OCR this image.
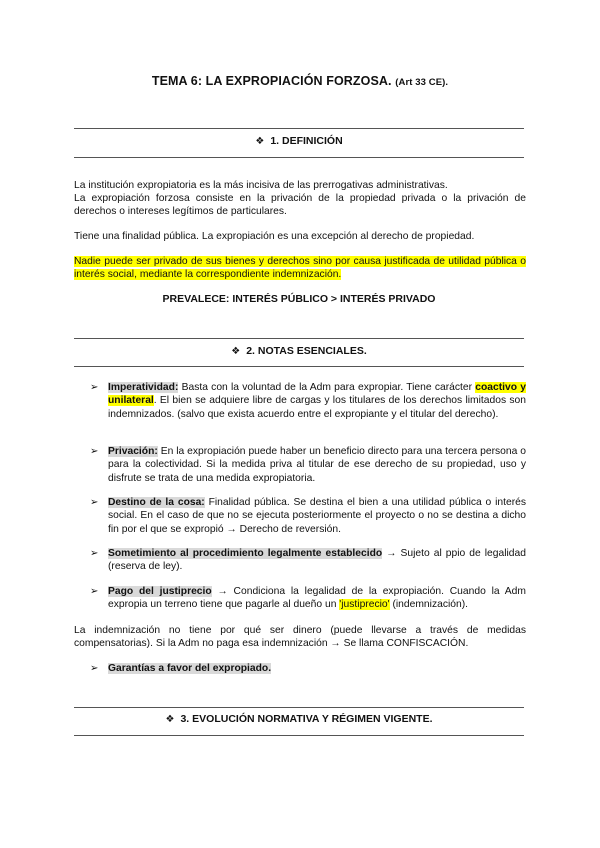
TEMA 6: LA EXPROPIACIÓN FORZOSA. (Art 33 CE).
❖ 1. DEFINICIÓN
La institución expropiatoria es la más incisiva de las prerrogativas administrativas.
La expropiación forzosa consiste en la privación de la propiedad privada o la privación de derechos o intereses legítimos de particulares.
Tiene una finalidad pública. La expropiación es una excepción al derecho de propiedad.
Nadie puede ser privado de sus bienes y derechos sino por causa justificada de utilidad pública o interés social, mediante la correspondiente indemnización.
PREVALECE: INTERÉS PÚBLICO > INTERÉS PRIVADO
❖ 2. NOTAS ESENCIALES.
➢ Imperatividad: Basta con la voluntad de la Adm para expropiar. Tiene carácter coactivo y unilateral. El bien se adquiere libre de cargas y los titulares de los derechos limitados son indemnizados. (salvo que exista acuerdo entre el expropiante y el titular del derecho).
➢ Privación: En la expropiación puede haber un beneficio directo para una tercera persona o para la colectividad. Si la medida priva al titular de ese derecho de su propiedad, uso y disfrute se trata de una medida expropiatoria.
➢ Destino de la cosa: Finalidad pública. Se destina el bien a una utilidad pública o interés social. En el caso de que no se ejecuta posteriormente el proyecto o no se destina a dicho fin por el que se expropió → Derecho de reversión.
➢ Sometimiento al procedimiento legalmente establecido → Sujeto al ppio de legalidad (reserva de ley).
➢ Pago del justiprecio → Condiciona la legalidad de la expropiación. Cuando la Adm expropia un terreno tiene que pagarle al dueño un 'justiprecio' (indemnización).
La indemnización no tiene por qué ser dinero (puede llevarse a través de medidas compensatorias). Si la Adm no paga esa indemnización → Se llama CONFISCACIÓN.
➢ Garantías a favor del expropiado.
❖ 3. EVOLUCIÓN NORMATIVA Y RÉGIMEN VIGENTE.
